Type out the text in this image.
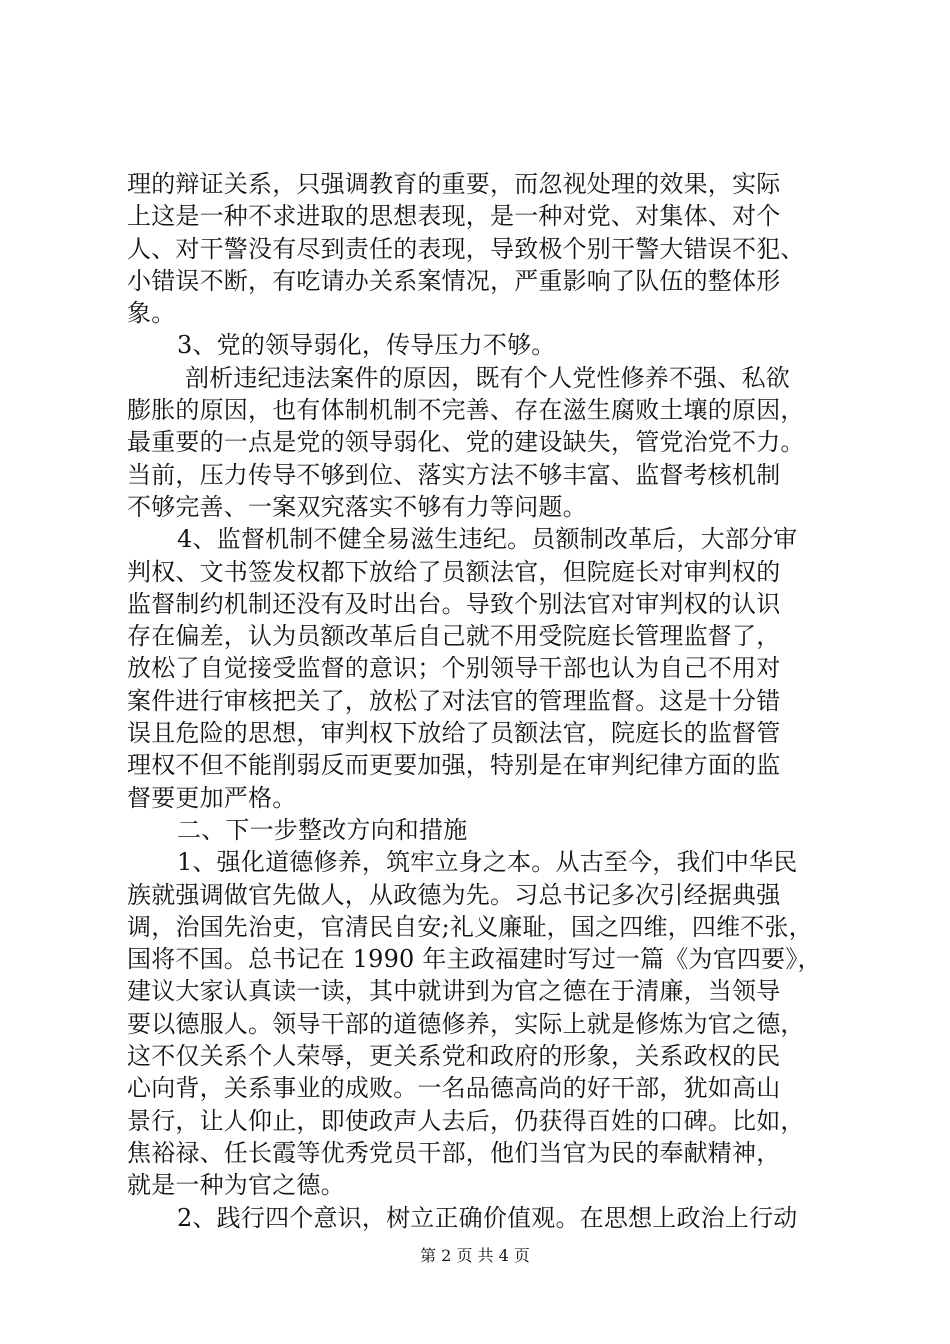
理的辩证关系，只强调教育的重要，而忽视处理的效果，实际
上这是一种不求进取的思想表现，是一种对党、对集体、对个
人、对干警没有尽到责任的表现，导致极个别干警大错误不犯、
小错误不断，有吃请办关系案情况，严重影响了队伍的整体形
象。
3、党的领导弱化，传导压力不够。
剖析违纪违法案件的原因，既有个人党性修养不强、私欲
膨胀的原因，也有体制机制不完善、存在滋生腐败土壤的原因，
最重要的一点是党的领导弱化、党的建设缺失，管党治党不力。
当前，压力传导不够到位、落实方法不够丰富、监督考核机制
不够完善、一案双究落实不够有力等问题。
4、监督机制不健全易滋生违纪。员额制改革后，大部分审
判权、文书签发权都下放给了员额法官，但院庭长对审判权的
监督制约机制还没有及时出台。导致个别法官对审判权的认识
存在偏差，认为员额改革后自己就不用受院庭长管理监督了，
放松了自觉接受监督的意识；个别领导干部也认为自己不用对
案件进行审核把关了，放松了对法官的管理监督。这是十分错
误且危险的思想，审判权下放给了员额法官，院庭长的监督管
理权不但不能削弱反而更要加强，特别是在审判纪律方面的监
督要更加严格。
二、下一步整改方向和措施
1、强化道德修养，筑牢立身之本。从古至今，我们中华民
族就强调做官先做人，从政德为先。习总书记多次引经据典强
调，治国先治吏，官清民自安;礼义廉耻，国之四维，四维不张，
国将不国。总书记在 1990 年主政福建时写过一篇《为官四要》，
建议大家认真读一读，其中就讲到为官之德在于清廉，当领导
要以德服人。领导干部的道德修养，实际上就是修炼为官之德，
这不仅关系个人荣辱，更关系党和政府的形象，关系政权的民
心向背，关系事业的成败。一名品德高尚的好干部，犹如高山
景行，让人仰止，即使政声人去后，仍获得百姓的口碑。比如，
焦裕禄、任长霞等优秀党员干部，他们当官为民的奉献精神，
就是一种为官之德。
2、践行四个意识，树立正确价值观。在思想上政治上行动
第 2 页 共 4 页
